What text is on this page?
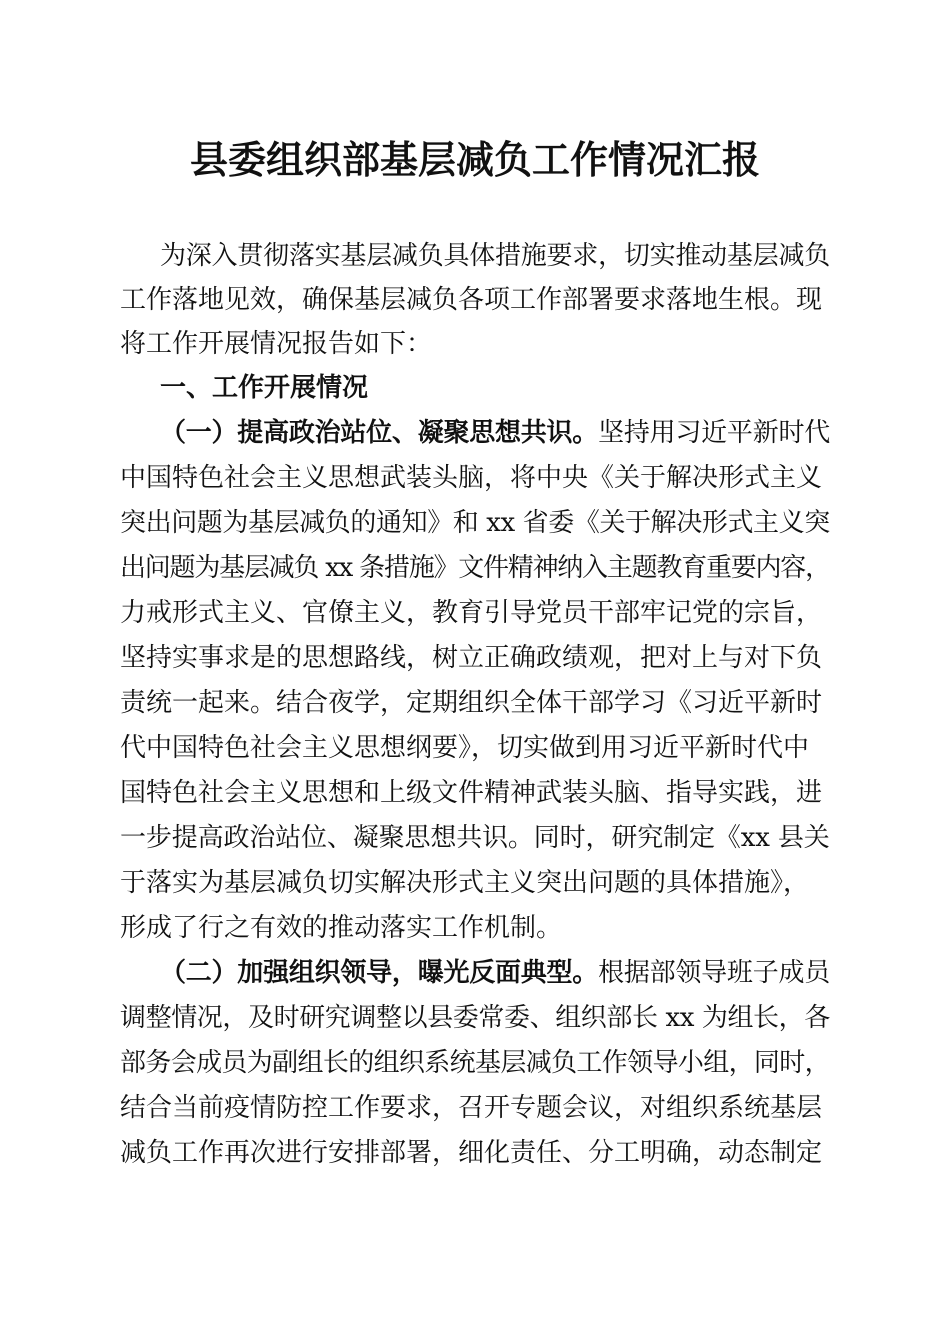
县委组织部基层减负工作情况汇报

为深入贯彻落实基层减负具体措施要求，切实推动基层减负

工作落地见效，确保基层减负各项工作部署要求落地生根。现

将工作开展情况报告如下：

一、工作开展情况

（一）提高政治站位、凝聚思想共识。坚持用习近平新时代

中国特色社会主义思想武装头脑，将中央《关于解决形式主义

突出问题为基层减负的通知》和 xx 省委《关于解决形式主义突

出问题为基层减负 xx 条措施》文件精神纳入主题教育重要内容，

力戒形式主义、官僚主义，教育引导党员干部牢记党的宗旨，

坚持实事求是的思想路线，树立正确政绩观，把对上与对下负

责统一起来。结合夜学，定期组织全体干部学习《习近平新时

代中国特色社会主义思想纲要》，切实做到用习近平新时代中

国特色社会主义思想和上级文件精神武装头脑、指导实践，进

一步提高政治站位、凝聚思想共识。同时，研究制定《xx 县关

于落实为基层减负切实解决形式主义突出问题的具体措施》，

形成了行之有效的推动落实工作机制。

（二）加强组织领导，曝光反面典型。根据部领导班子成员

调整情况，及时研究调整以县委常委、组织部长 xx 为组长，各

部务会成员为副组长的组织系统基层减负工作领导小组，同时，

结合当前疫情防控工作要求，召开专题会议，对组织系统基层

减负工作再次进行安排部署，细化责任、分工明确，动态制定
